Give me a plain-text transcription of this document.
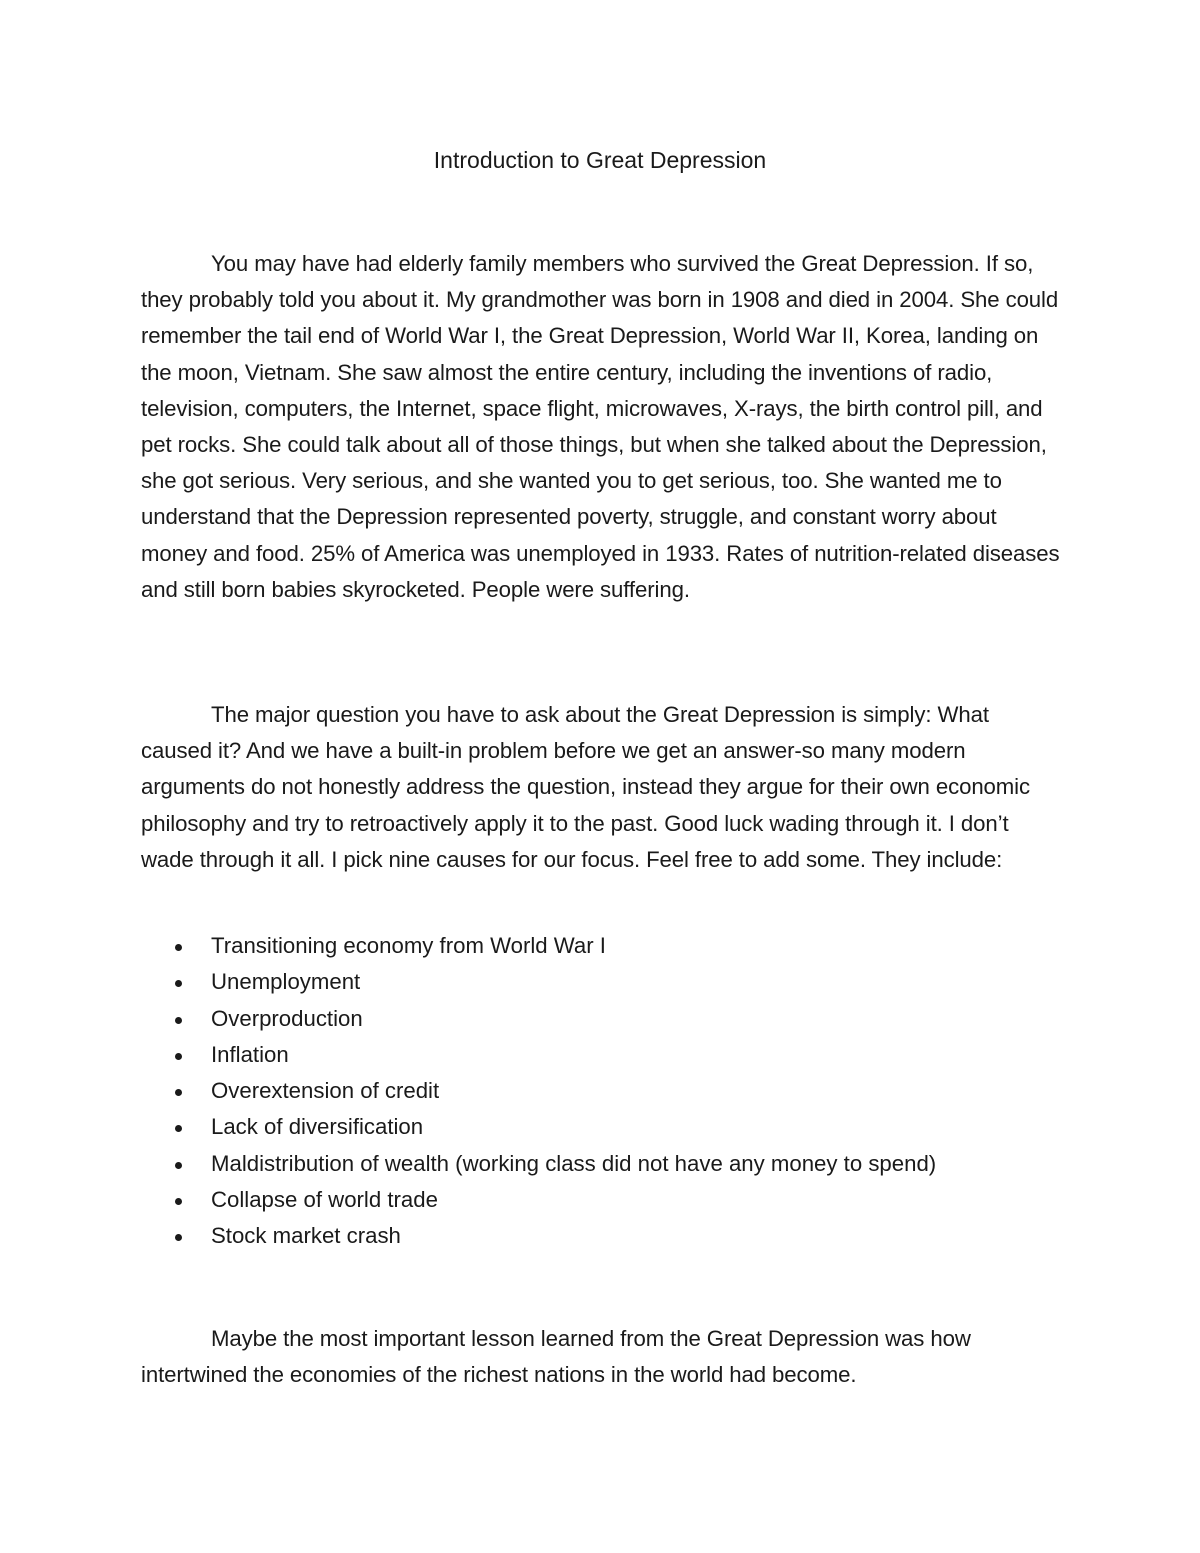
Introduction to Great Depression

You may have had elderly family members who survived the Great Depression. If so, they probably told you about it. My grandmother was born in 1908 and died in 2004. She could remember the tail end of World War I, the Great Depression, World War II, Korea, landing on the moon, Vietnam. She saw almost the entire century, including the inventions of radio, television, computers, the Internet, space flight, microwaves, X-rays, the birth control pill, and pet rocks. She could talk about all of those things, but when she talked about the Depression, she got serious. Very serious, and she wanted you to get serious, too. She wanted me to understand that the Depression represented poverty, struggle, and constant worry about money and food. 25% of America was unemployed in 1933. Rates of nutrition-related diseases and still born babies skyrocketed. People were suffering.

The major question you have to ask about the Great Depression is simply: What caused it? And we have a built-in problem before we get an answer-so many modern arguments do not honestly address the question, instead they argue for their own economic philosophy and try to retroactively apply it to the past. Good luck wading through it. I don’t wade through it all. I pick nine causes for our focus. Feel free to add some. They include:

Transitioning economy from World War I
Unemployment
Overproduction
Inflation
Overextension of credit
Lack of diversification
Maldistribution of wealth (working class did not have any money to spend)
Collapse of world trade
Stock market crash

Maybe the most important lesson learned from the Great Depression was how intertwined the economies of the richest nations in the world had become.
